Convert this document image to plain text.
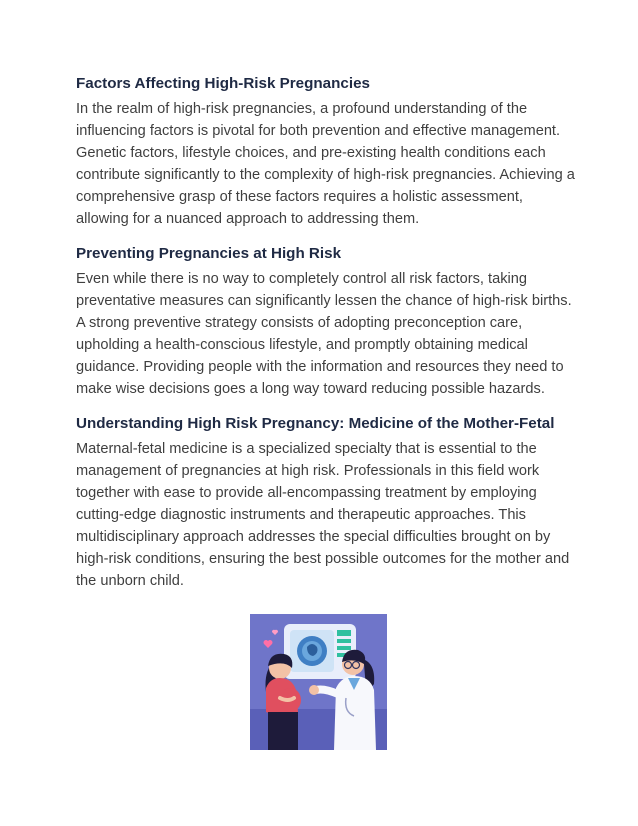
Factors Affecting High-Risk Pregnancies

In the realm of high-risk pregnancies, a profound understanding of the influencing factors is pivotal for both prevention and effective management. Genetic factors, lifestyle choices, and pre-existing health conditions each contribute significantly to the complexity of high-risk pregnancies. Achieving a comprehensive grasp of these factors requires a holistic assessment, allowing for a nuanced approach to addressing them.

Preventing Pregnancies at High Risk

Even while there is no way to completely control all risk factors, taking preventative measures can significantly lessen the chance of high-risk births. A strong preventive strategy consists of adopting preconception care, upholding a health-conscious lifestyle, and promptly obtaining medical guidance. Providing people with the information and resources they need to make wise decisions goes a long way toward reducing possible hazards.

Understanding High Risk Pregnancy: Medicine of the Mother-Fetal

Maternal-fetal medicine is a specialized specialty that is essential to the management of pregnancies at high risk. Professionals in this field work together with ease to provide all-encompassing treatment by employing cutting-edge diagnostic instruments and therapeutic approaches. This multidisciplinary approach addresses the special difficulties brought on by high-risk conditions, ensuring the best possible outcomes for the mother and the unborn child.
